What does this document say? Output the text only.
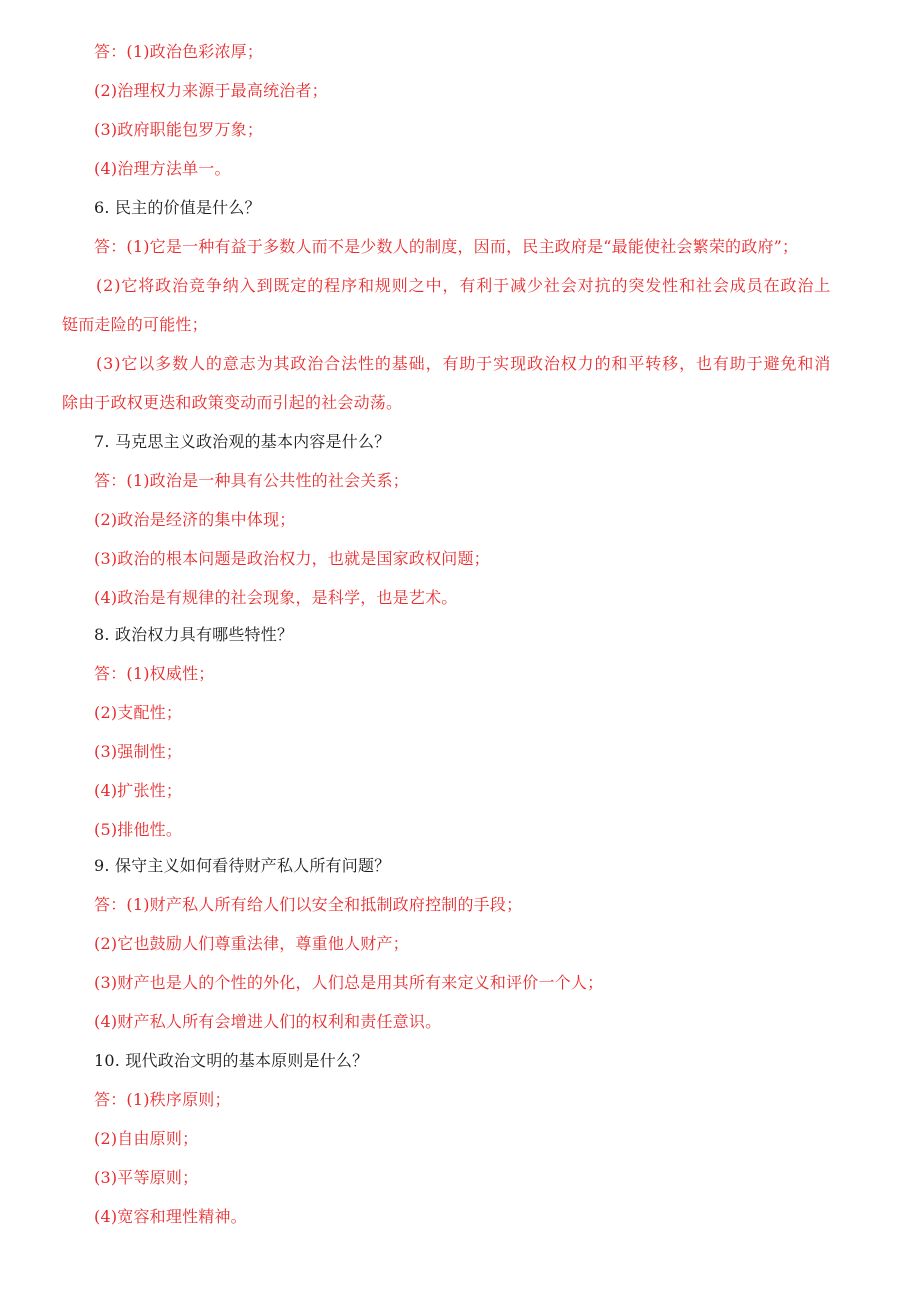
答：(1)政治色彩浓厚；
(2)治理权力来源于最高统治者；
(3)政府职能包罗万象；
(4)治理方法单一。
6. 民主的价值是什么？
答：(1)它是一种有益于多数人而不是少数人的制度，因而，民主政府是“最能使社会繁荣的政府”；
(2)它将政治竞争纳入到既定的程序和规则之中，有利于减少社会对抗的突发性和社会成员在政治上
铤而走险的可能性；
(3)它以多数人的意志为其政治合法性的基础，有助于实现政治权力的和平转移，也有助于避免和消
除由于政权更迭和政策变动而引起的社会动荡。
7. 马克思主义政治观的基本内容是什么？
答：(1)政治是一种具有公共性的社会关系；
(2)政治是经济的集中体现；
(3)政治的根本问题是政治权力，也就是国家政权问题；
(4)政治是有规律的社会现象，是科学，也是艺术。
8. 政治权力具有哪些特性？
答：(1)权威性；
(2)支配性；
(3)强制性；
(4)扩张性；
(5)排他性。
9. 保守主义如何看待财产私人所有问题？
答：(1)财产私人所有给人们以安全和抵制政府控制的手段；
(2)它也鼓励人们尊重法律，尊重他人财产；
(3)财产也是人的个性的外化，人们总是用其所有来定义和评价一个人；
(4)财产私人所有会增进人们的权利和责任意识。
10. 现代政治文明的基本原则是什么？
答：(1)秩序原则；
(2)自由原则；
(3)平等原则；
(4)宽容和理性精神。
